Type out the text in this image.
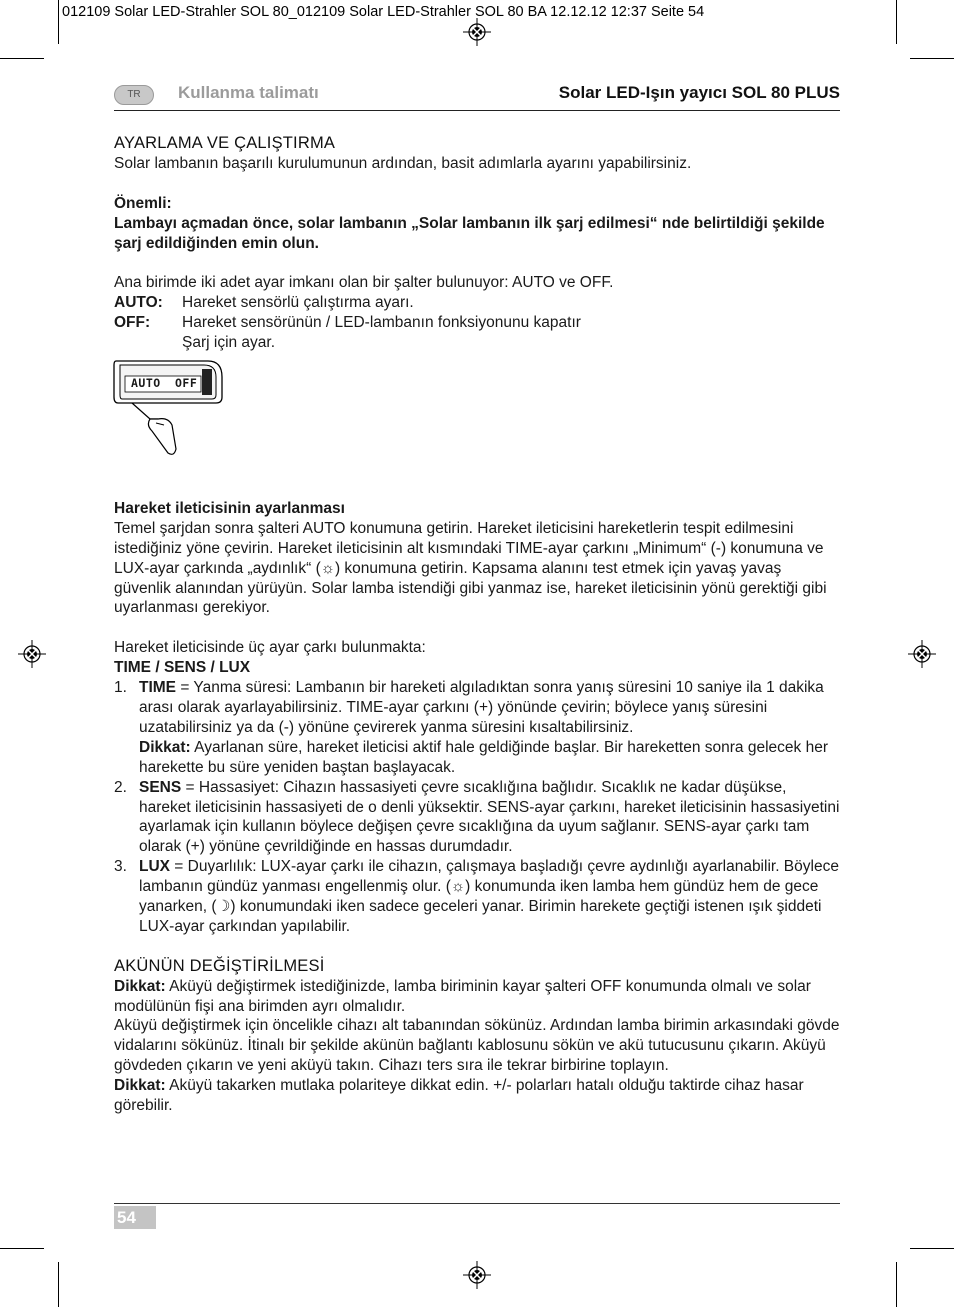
012109 Solar LED-Strahler SOL 80_012109 Solar LED-Strahler SOL 80 BA 12.12.12 12:37 Seite 54
TR	Kullanma talimatı	Solar LED-Işın yayıcı SOL 80 PLUS

AYARLAMA VE ÇALIŞTIRMA

Solar lambanın başarılı kurulumunun ardından, basit adımlarla ayarını yapabilirsiniz.

Önemli:

Lambayı açmadan önce, solar lambanın „Solar lambanın ilk şarj edilmesi“ nde belirtildiği şekilde şarj edildiğinden emin olun.

Ana birimde iki adet ayar imkanı olan bir şalter bulunuyor: AUTO ve OFF.

AUTO:	Hareket sensörlü çalıştırma ayarı.
OFF:	Hareket sensörünün / LED-lambanın fonksiyonunu kapatır
Şarj için ayar.
AUTO OFF

Hareket ileticisinin ayarlanması

Temel şarjdan sonra şalteri AUTO konumuna getirin. Hareket ileticisini hareketlerin tespit edilmesini istediğiniz yöne çevirin. Hareket ileticisinin alt kısmındaki TIME-ayar çarkını „Minimum“ (-) konumuna ve LUX-ayar çarkında „aydınlık“ (☼) konumuna getirin. Kapsama alanını test etmek için yavaş yavaş güvenlik alanından yürüyün. Solar lamba istendiği gibi yanmaz ise, hareket ileticisinin yönü gerektiği gibi uyarlanması gerekiyor.

Hareket ileticisinde üç ayar çarkı bulunmakta:

TIME / SENS / LUX

1. TIME = Yanma süresi: Lambanın bir hareketi algıladıktan sonra yanış süresini 10 saniye ila 1 dakika arası olarak ayarlayabilirsiniz. TIME-ayar çarkını (+) yönünde çevirin; böylece yanış süresini uzatabilirsiniz ya da (-) yönüne çevirerek yanma süresini kısaltabilirsiniz.
Dikkat: Ayarlanan süre, hareket ileticisi aktif hale geldiğinde başlar. Bir hareketten sonra gelecek her harekette bu süre yeniden baştan başlayacak.
2. SENS = Hassasiyet: Cihazın hassasiyeti çevre sıcaklığına bağlıdır. Sıcaklık ne kadar düşükse, hareket ileticisinin hassasiyeti de o denli yüksektir. SENS-ayar çarkını, hareket ileticisinin hassasiyetini ayarlamak için kullanın böylece değişen çevre sıcaklığına da uyum sağlanır. SENS-ayar çarkı tam olarak (+) yönüne çevrildiğinde en hassas durumdadır.
3. LUX = Duyarlılık: LUX-ayar çarkı ile cihazın, çalışmaya başladığı çevre aydınlığı ayarlanabilir. Böylece lambanın gündüz yanması engellenmiş olur. (☼) konumunda iken lamba hem gündüz hem de gece yanarken, (☽) konumundaki iken sadece geceleri yanar. Birimin harekete geçtiği istenen ışık şiddeti LUX-ayar çarkından yapılabilir.

AKÜNÜN DEĞİŞTİRİLMESİ

Dikkat: Aküyü değiştirmek istediğinizde, lamba biriminin kayar şalteri OFF konumunda olmalı ve solar modülünün fişi ana birimden ayrı olmalıdır.

Aküyü değiştirmek için öncelikle cihazı alt tabanından sökünüz. Ardından lamba birimin arkasındaki gövde vidalarını sökünüz. İtinalı bir şekilde akünün bağlantı kablosunu sökün ve akü tutucusunu çıkarın. Aküyü gövdeden çıkarın ve yeni aküyü takın. Cihazı ters sıra ile tekrar birbirine toplayın.

Dikkat: Aküyü takarken mutlaka polariteye dikkat edin. +/- polarları hatalı olduğu taktirde cihaz hasar görebilir.

54
